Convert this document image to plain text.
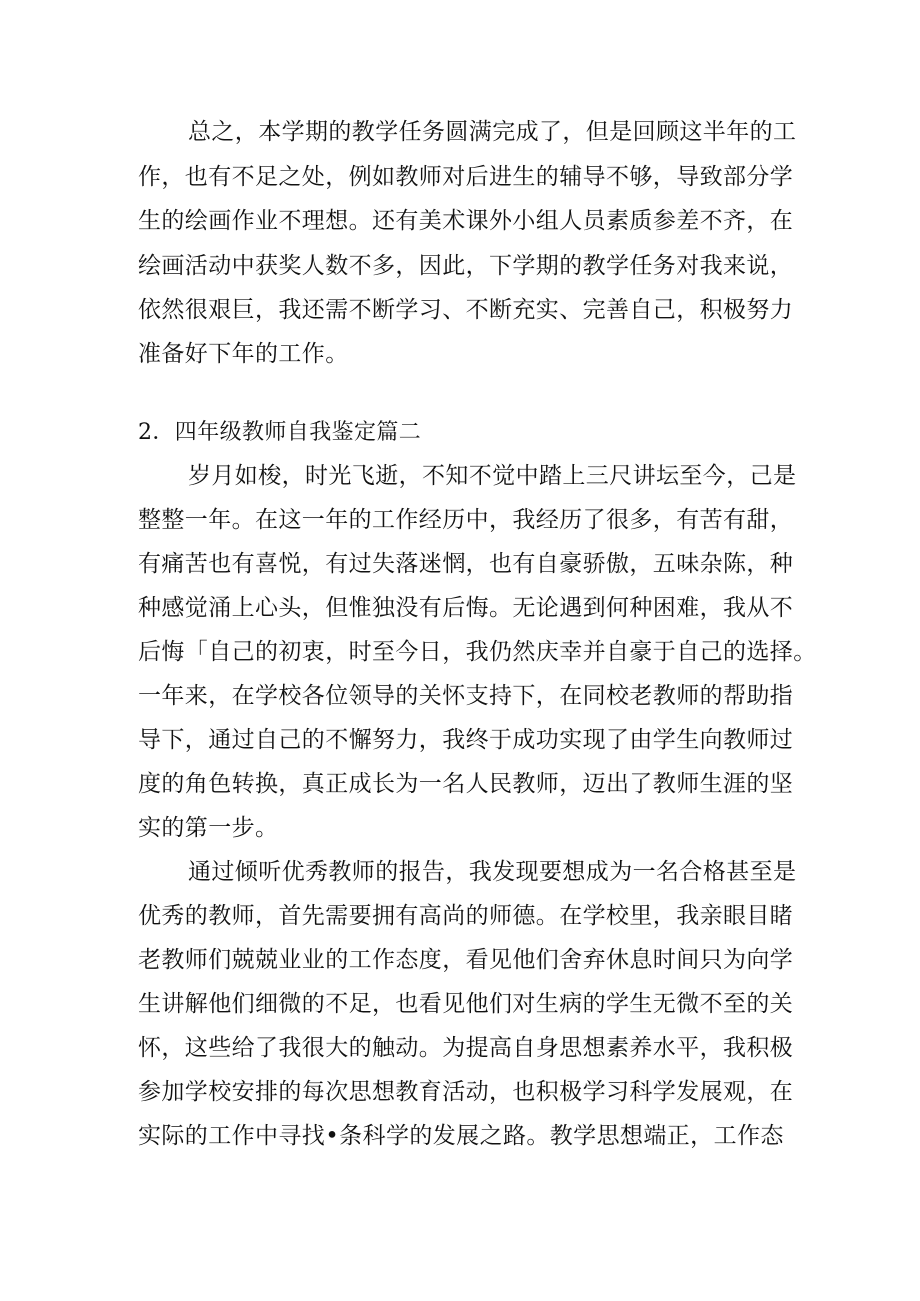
总之，本学期的教学任务圆满完成了，但是回顾这半年的工
作，也有不足之处，例如教师对后进生的辅导不够，导致部分学
生的绘画作业不理想。还有美术课外小组人员素质参差不齐，在
绘画活动中获奖人数不多，因此，下学期的教学任务对我来说，
依然很艰巨，我还需不断学习、不断充实、完善自己，积极努力
准备好下年的工作。
2．四年级教师自我鉴定篇二
岁月如梭，时光飞逝，不知不觉中踏上三尺讲坛至今，己是
整整一年。在这一年的工作经历中，我经历了很多，有苦有甜，
有痛苦也有喜悦，有过失落迷惘，也有自豪骄傲，五味杂陈，种
种感觉涌上心头，但惟独没有后悔。无论遇到何种困难，我从不
后悔「自己的初衷，时至今日，我仍然庆幸并自豪于自己的选择。
一年来，在学校各位领导的关怀支持下，在同校老教师的帮助指
导下，通过自己的不懈努力，我终于成功实现了由学生向教师过
度的角色转换，真正成长为一名人民教师，迈出了教师生涯的坚
实的第一步。
通过倾听优秀教师的报告，我发现要想成为一名合格甚至是
优秀的教师，首先需要拥有高尚的师德。在学校里，我亲眼目睹
老教师们兢兢业业的工作态度，看见他们舍弃休息时间只为向学
生讲解他们细微的不足，也看见他们对生病的学生无微不至的关
怀，这些给了我很大的触动。为提高自身思想素养水平，我积极
参加学校安排的每次思想教育活动，也积极学习科学发展观，在
实际的工作中寻找•条科学的发展之路。教学思想端正，工作态
